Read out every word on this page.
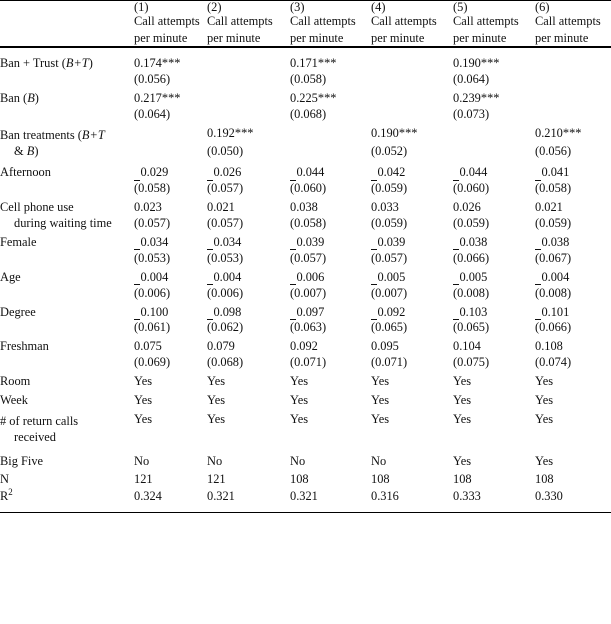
	(1)	(2)	(3)	(4)	(5)	(6)
	Call attempts per minute	Call attempts per minute	Call attempts per minute	Call attempts per minute	Call attempts per minute	Call attempts per minute

Ban + Trust (B+T)	0.174***		0.171***		0.190***	
	(0.056)		(0.058)		(0.064)	
Ban (B)	0.217***		0.225***		0.239***	
	(0.064)		(0.068)		(0.073)	
Ban treatments (B+T
& B)		0.192***		0.190***		0.210***
		(0.050)		(0.052)		(0.056)
Afternoon	0.029	0.026	0.044	0.042	0.044	0.041
	(0.058)	(0.057)	(0.060)	(0.059)	(0.060)	(0.058)
Cell phone use	0.023	0.021	0.038	0.033	0.026	0.021
during waiting time	(0.057)	(0.057)	(0.058)	(0.059)	(0.059)	(0.059)
Female	0.034	0.034	0.039	0.039	0.038	0.038
	(0.053)	(0.053)	(0.057)	(0.057)	(0.066)	(0.067)
Age	0.004	0.004	0.006	0.005	0.005	0.004
	(0.006)	(0.006)	(0.007)	(0.007)	(0.008)	(0.008)
Degree	0.100	0.098	0.097	0.092	0.103	0.101
	(0.061)	(0.062)	(0.063)	(0.065)	(0.065)	(0.066)
Freshman	0.075	0.079	0.092	0.095	0.104	0.108
	(0.069)	(0.068)	(0.071)	(0.071)	(0.075)	(0.074)
Room	Yes	Yes	Yes	Yes	Yes	Yes
Week	Yes	Yes	Yes	Yes	Yes	Yes
# of return calls
received	Yes	Yes	Yes	Yes	Yes	Yes
Big Five	No	No	No	No	Yes	Yes
N	121	121	108	108	108	108
$R^2$	0.324	0.321	0.321	0.316	0.333	0.330
